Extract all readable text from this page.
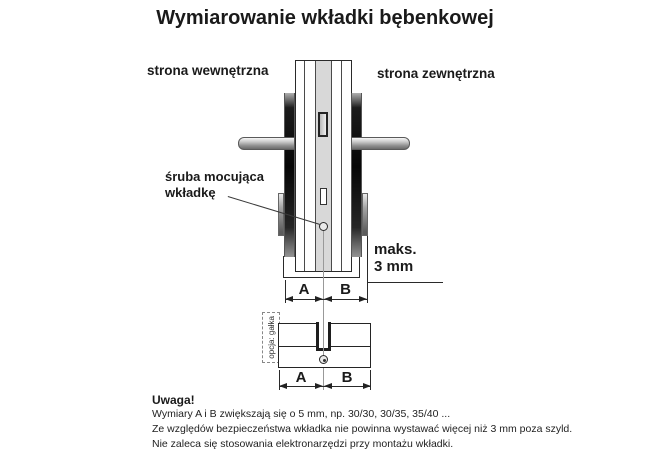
Wymiarowanie wkładki bębenkowej
strona wewnętrzna	strona zewnętrzna
śruba mocująca
wkładkę
maks.
3 mm
A	B
opcja: gałka
A	B
Uwaga!
Wymiary A i B zwiększają się o 5 mm, np. 30/30, 30/35, 35/40 ...
Ze względów bezpieczeństwa wkładka nie powinna wystawać więcej niż 3 mm poza szyld.
Nie zaleca się stosowania elektronarzędzi przy montażu wkładki.
